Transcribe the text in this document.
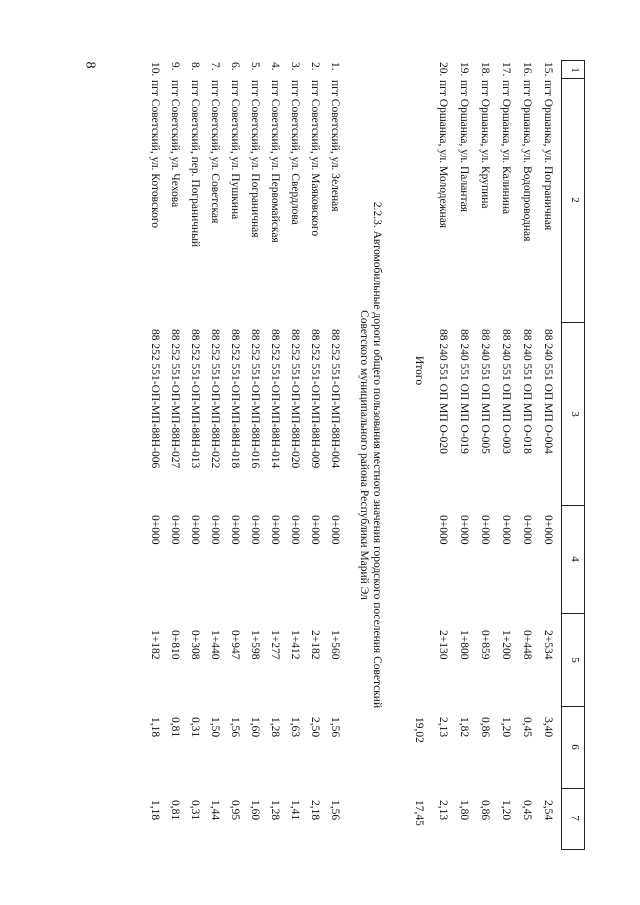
8
1
2
3
4
5
6
7
15.
пгт Оршанка, ул. Пограничная
88 240 551 ОП МП О-004
0+000
2+534
3,40
2,54
16.
пгт Оршанка, ул. Водопроводная
88 240 551 ОП МП О-018
0+000
0+448
0,45
0,45
17.
пгт Оршанка, ул. Калинина
88 240 551 ОП МП О-003
0+000
1+200
1,20
1,20
18.
пгт Оршанка, ул. Крупина
88 240 551 ОП МП О-005
0+000
0+859
0,86
0,86
19.
пгт Оршанка, ул. Палантая
88 240 551 ОП МП О-019
0+000
1+800
1,82
1,80
20.
пгт Оршанка, ул. Молодежная
88 240 551 ОП МП О-020
0+000
2+130
2,13
2,13
Итого
19,02
17,45
2.2.3. Автомобильные дороги общего пользования местного значения городского поселения Советский
Советского муниципального района Республики Марий Эл
1.
пгт Советский, ул. Зеленая
88 252 551-ОП-МП-88Н-004
0+000
1+560
1,56
1,56
2.
пгт Советский, ул. Маяковского
88 252 551-ОП-МП-88Н-009
0+000
2+182
2,50
2,18
3.
пгт Советский, ул. Свердлова
88 252 551-ОП-МП-88Н-020
0+000
1+412
1,63
1,41
4.
пгт Советский, ул. Первомайская
88 252 551-ОП-МП-88Н-014
0+000
1+277
1,28
1,28
5.
пгт Советский, ул. Пограничная
88 252 551-ОП-МП-88Н-016
0+000
1+598
1,60
1,60
6.
пгт Советский, ул. Пушкина
88 252 551-ОП-МП-88Н-018
0+000
0+947
1,56
0,95
7.
пгт Советский, ул. Советская
88 252 551-ОП-МП-88Н-022
0+000
1+440
1,50
1,44
8.
пгт Советский, пер. Пограничный
88 252 551-ОП-МП-88Н-013
0+000
0+308
0,31
0,31
9.
пгт Советский, ул. Чехова
88 252 551-ОП-МП-88Н-027
0+000
0+810
0,81
0,81
10.
пгт Советский, ул. Котовского
88 252 551-ОП-МП-88Н-006
0+000
1+182
1,18
1,18
